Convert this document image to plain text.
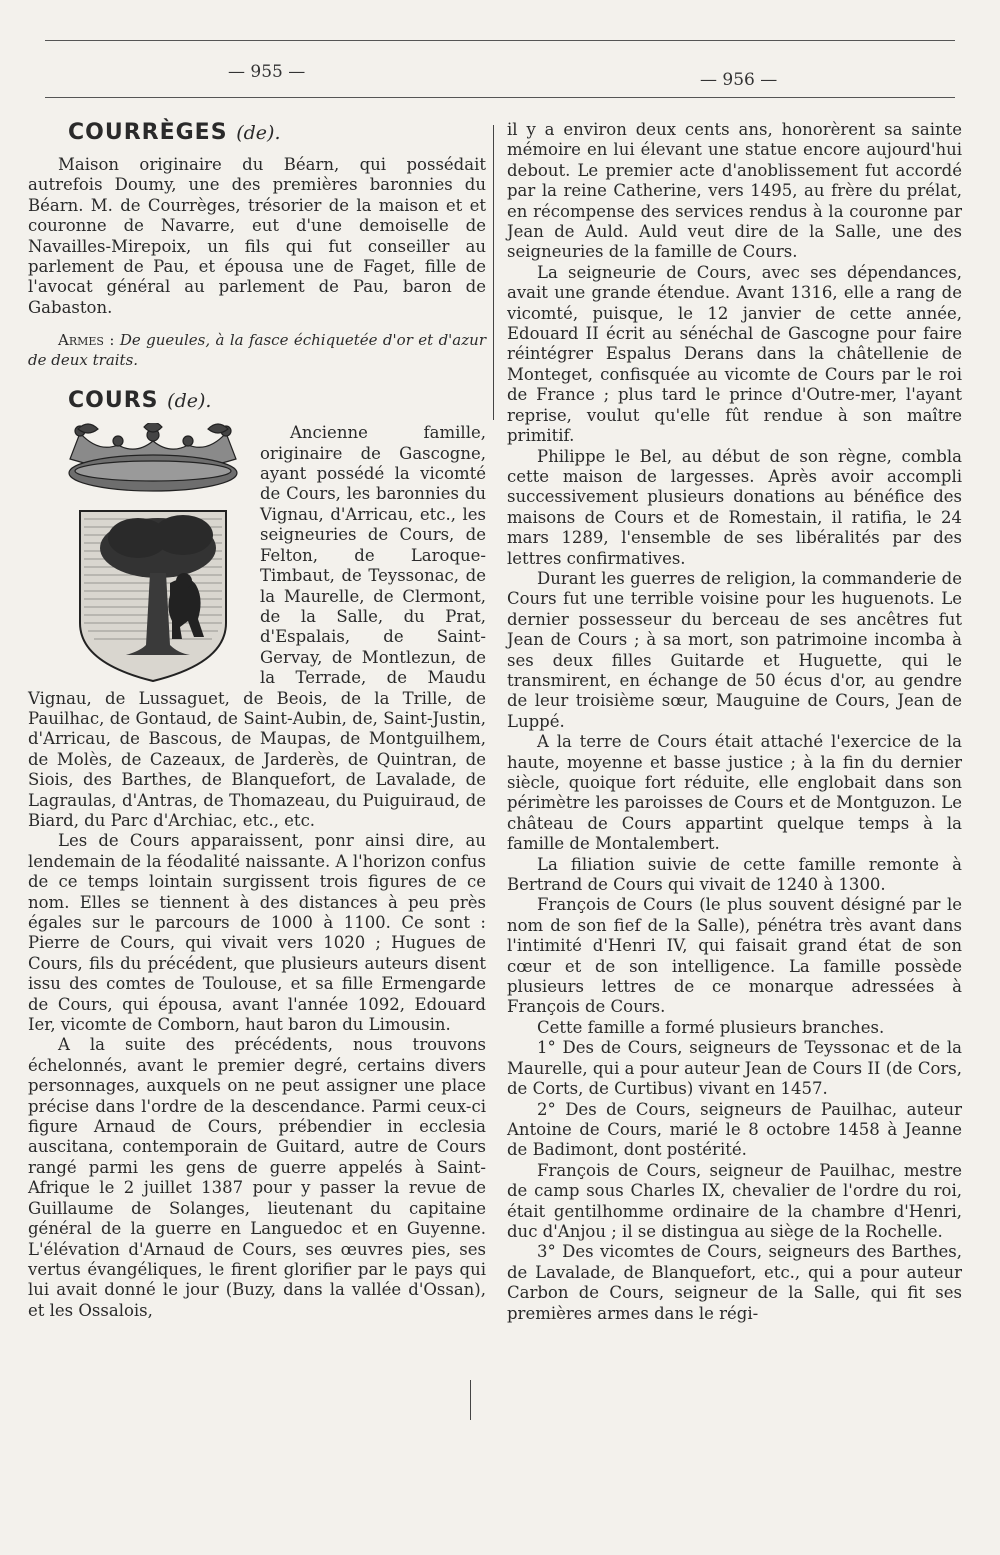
— 955 —	— 956 —
COURRÈGES (de).

Maison originaire du Béarn, qui possédait autrefois Doumy, une des premières baronnies du Béarn. M. de Courrèges, trésorier de la maison et et couronne de Navarre, eut d'une demoiselle de Navailles-Mirepoix, un fils qui fut conseiller au parlement de Pau, et épousa une de Faget, fille de l'avocat général au parlement de Pau, baron de Gabaston.

Armes : De gueules, à la fasce échiquetée d'or et d'azur de deux traits.

COURS (de).

Ancienne famille, originaire de Gascogne, ayant possédé la vicomté de Cours, les baronnies du Vignau, d'Arricau, etc., les seigneuries de Cours, de Felton, de Laroque-Timbaut, de Teyssonac, de la Maurelle, de Clermont, de la Salle, du Prat, d'Espalais, de Saint-Gervay, de Montlezun, de la Terrade, de Maudu Vignau, de Lussaguet, de Beois, de la Trille, de Pauilhac, de Gontaud, de Saint-Aubin, de, Saint-Justin, d'Arricau, de Bascous, de Maupas, de Montguilhem, de Molès, de Cazeaux, de Jarderès, de Quintran, de Siois, des Barthes, de Blanquefort, de Lavalade, de Lagraulas, d'Antras, de Thomazeau, du Puiguiraud, de Biard, du Parc d'Archiac, etc., etc.

Les de Cours apparaissent, ponr ainsi dire, au lendemain de la féodalité naissante. A l'horizon confus de ce temps lointain surgissent trois figures de ce nom. Elles se tiennent à des distances à peu près égales sur le parcours de 1000 à 1100. Ce sont : Pierre de Cours, qui vivait vers 1020 ; Hugues de Cours, fils du précédent, que plusieurs auteurs disent issu des comtes de Toulouse, et sa fille Ermengarde de Cours, qui épousa, avant l'année 1092, Edouard Ier, vicomte de Comborn, haut baron du Limousin.

A la suite des précédents, nous trouvons échelonnés, avant le premier degré, certains divers personnages, auxquels on ne peut assigner une place précise dans l'ordre de la descendance. Parmi ceux-ci figure Arnaud de Cours, prébendier in ecclesia auscitana, contemporain de Guitard, autre de Cours rangé parmi les gens de guerre appelés à Saint-Afrique le 2 juillet 1387 pour y passer la revue de Guillaume de Solanges, lieutenant du capitaine général de la guerre en Languedoc et en Guyenne. L'élévation d'Arnaud de Cours, ses œuvres pies, ses vertus évangéliques, le firent glorifier par le pays qui lui avait donné le jour (Buzy, dans la vallée d'Ossan), et les Ossalois,

il y a environ deux cents ans, honorèrent sa sainte mémoire en lui élevant une statue encore aujourd'hui debout. Le premier acte d'anoblissement fut accordé par la reine Catherine, vers 1495, au frère du prélat, en récompense des services rendus à la couronne par Jean de Auld. Auld veut dire de la Salle, une des seigneuries de la famille de Cours.

La seigneurie de Cours, avec ses dépendances, avait une grande étendue. Avant 1316, elle a rang de vicomté, puisque, le 12 janvier de cette année, Edouard II écrit au sénéchal de Gascogne pour faire réintégrer Espalus Derans dans la châtellenie de Monteget, confisquée au vicomte de Cours par le roi de France ; plus tard le prince d'Outre-mer, l'ayant reprise, voulut qu'elle fût rendue à son maître primitif.

Philippe le Bel, au début de son règne, combla cette maison de largesses. Après avoir accompli successivement plusieurs donations au bénéfice des maisons de Cours et de Romestain, il ratifia, le 24 mars 1289, l'ensemble de ses libéralités par des lettres confirmatives.

Durant les guerres de religion, la commanderie de Cours fut une terrible voisine pour les huguenots. Le dernier possesseur du berceau de ses ancêtres fut Jean de Cours ; à sa mort, son patrimoine incomba à ses deux filles Guitarde et Huguette, qui le transmirent, en échange de 50 écus d'or, au gendre de leur troisième sœur, Mauguine de Cours, Jean de Luppé.

A la terre de Cours était attaché l'exercice de la haute, moyenne et basse justice ; à la fin du dernier siècle, quoique fort réduite, elle englobait dans son périmètre les paroisses de Cours et de Montguzon. Le château de Cours appartint quelque temps à la famille de Montalembert.

La filiation suivie de cette famille remonte à Bertrand de Cours qui vivait de 1240 à 1300.

François de Cours (le plus souvent désigné par le nom de son fief de la Salle), pénétra très avant dans l'intimité d'Henri IV, qui faisait grand état de son cœur et de son intelligence. La famille possède plusieurs lettres de ce monarque adressées à François de Cours.

Cette famille a formé plusieurs branches.

1° Des de Cours, seigneurs de Teyssonac et de la Maurelle, qui a pour auteur Jean de Cours II (de Cors, de Corts, de Curtibus) vivant en 1457.

2° Des de Cours, seigneurs de Pauilhac, auteur Antoine de Cours, marié le 8 octobre 1458 à Jeanne de Badimont, dont postérité.

François de Cours, seigneur de Pauilhac, mestre de camp sous Charles IX, chevalier de l'ordre du roi, était gentilhomme ordinaire de la chambre d'Henri, duc d'Anjou ; il se distingua au siège de la Rochelle.

3° Des vicomtes de Cours, seigneurs des Barthes, de Lavalade, de Blanquefort, etc., qui a pour auteur Carbon de Cours, seigneur de la Salle, qui fit ses premières armes dans le régi-
